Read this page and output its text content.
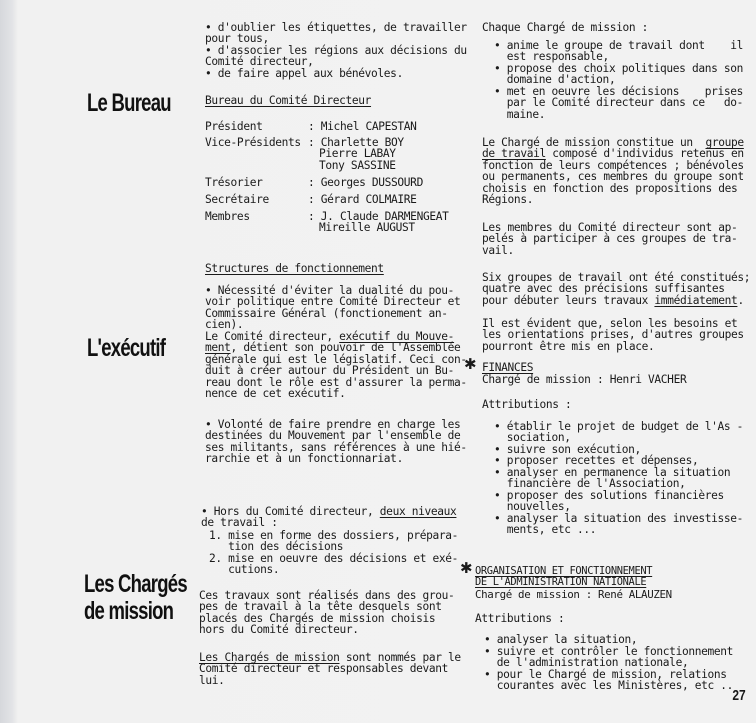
Le Bureau
L'exécutif
Les Chargés
de mission
• d'oublier les étiquettes, de travailler
pour tous,
• d'associer les régions aux décisions du
Comité directeur,
• de faire appel aux bénévoles.
Bureau du Comité Directeur
Président	: Michel CAPESTAN
Vice-Présidents : Charlette BOY
Pierre LABAY
Tony SASSINE
Trésorier	: Georges DUSSOURD
Secrétaire	: Gérard COLMAIRE
Membres	: J. Claude DARMENGEAT
Mireille AUGUST
Structures de fonctionnement
• Nécessité d'éviter la dualité du pou-
voir politique entre Comité Directeur et
Commissaire Général (fonctionement an-
cien).
Le Comité directeur, exécutif du Mouve-
ment, détient son pouvoir de l'Assemblée
générale qui est le législatif. Ceci con-
duit à créer autour du Président un Bu-
reau dont le rôle est d'assurer la perma-
nence de cet exécutif.
• Volonté de faire prendre en charge les
destinées du Mouvement par l'ensemble de
ses militants, sans références à une hié-
rarchie et à un fonctionnariat.
• Hors du Comité directeur, deux niveaux
de travail :
1. mise en forme des dossiers, prépara-
tion des décisions
2. mise en oeuvre des décisions et exé-
cutions.
Ces travaux sont réalisés dans des grou-
pes de travail à la tête desquels sont
placés des Chargés de mission choisis
hors du Comité directeur.
Les Chargés de mission sont nommés par le
Comité directeur et responsables devant
lui.
Chaque Chargé de mission :
• anime le groupe de travail dont    il
est responsable,
• propose des choix politiques dans son
domaine d'action,
• met en oeuvre les décisions    prises
par le Comité directeur dans ce   do-
maine.
Le Chargé de mission constitue un  groupe
de travail composé d'individus retenus en
fonction de leurs compétences ; bénévoles
ou permanents, ces membres du groupe sont
choisis en fonction des propositions des
Régions.
Les membres du Comité directeur sont ap-
pelés à participer à ces groupes de tra-
vail.
Six groupes de travail ont été constitués;
quatre avec des précisions suffisantes
pour débuter leurs travaux immédiatement.
Il est évident que, selon les besoins et
les orientations prises, d'autres groupes
pourront être mis en place.
✱ FINANCES
Chargé de mission : Henri VACHER
Attributions :
• établir le projet de budget de l'As -
sociation,
• suivre son exécution,
• proposer recettes et dépenses,
• analyser en permanence la situation
financière de l'Association,
• proposer des solutions financières
nouvelles,
• analyser la situation des investisse-
ments, etc ...
✱ ORGANISATION ET FONCTIONNEMENT
DE L'ADMINISTRATION NATIONALE
Chargé de mission : René ALAUZEN
Attributions :
• analyser la situation,
• suivre et contrôler le fonctionnement
de l'administration nationale,
• pour le Chargé de mission, relations
courantes avec les Ministères, etc ..
27
